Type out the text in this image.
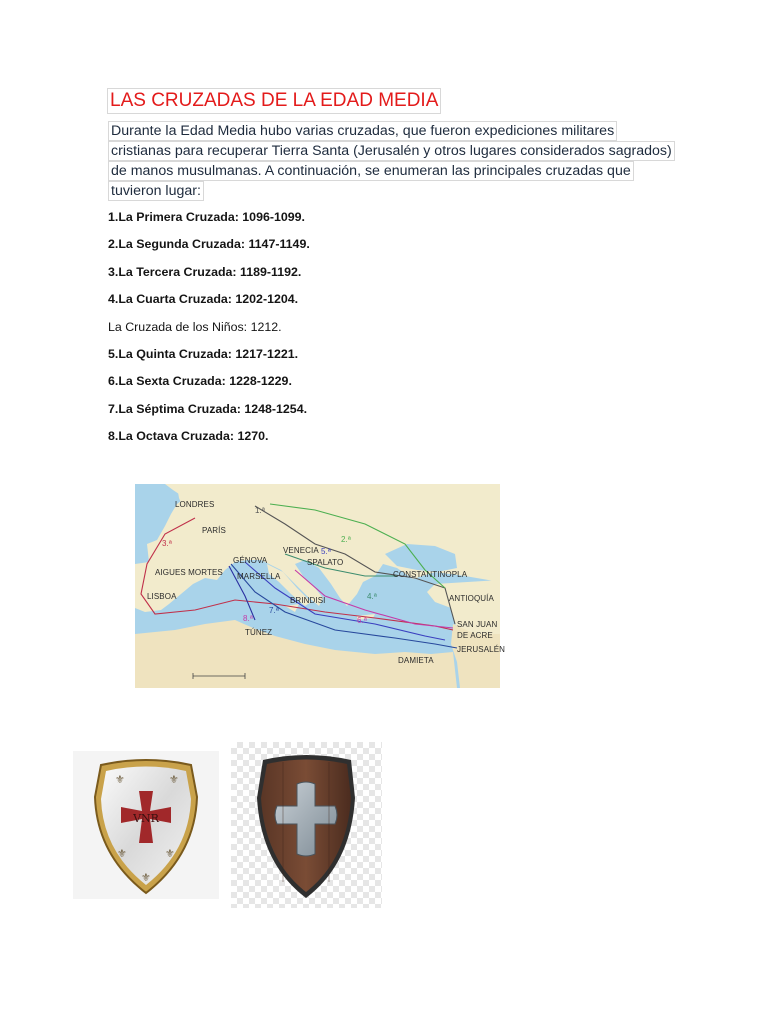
LAS CRUZADAS DE LA EDAD MEDIA
Durante la Edad Media hubo varias cruzadas, que fueron expediciones militares
cristianas para recuperar Tierra Santa (Jerusalén y otros lugares considerados sagrados)
de manos musulmanas. A continuación, se enumeran las principales cruzadas que
tuvieron lugar:
1.La Primera Cruzada: 1096-1099.
2.La Segunda Cruzada: 1147-1149.
3.La Tercera Cruzada: 1189-1192.
4.La Cuarta Cruzada: 1202-1204.
La Cruzada de los Niños: 1212.
5.La Quinta Cruzada: 1217-1221.
6.La Sexta Cruzada: 1228-1229.
7.La Séptima Cruzada: 1248-1254.
8.La Octava Cruzada: 1270.
LONDRES
PARÍS
VENECIA
GÉNOVA
AIGUES MORTES MARSELLA
SPALATO
CONSTANTINOPLA
LISBOA	BRINDISI	ANTIOQUÍA
TÚNEZ
SAN JUAN
DE ACRE
JERUSALÉN
DAMIETA
1.ª
2.ª
3.ª
4.ª
5.ª
6.ª
7.ª
8.ª
VNR
⚜	⚜
⚜	⚜
⚜
